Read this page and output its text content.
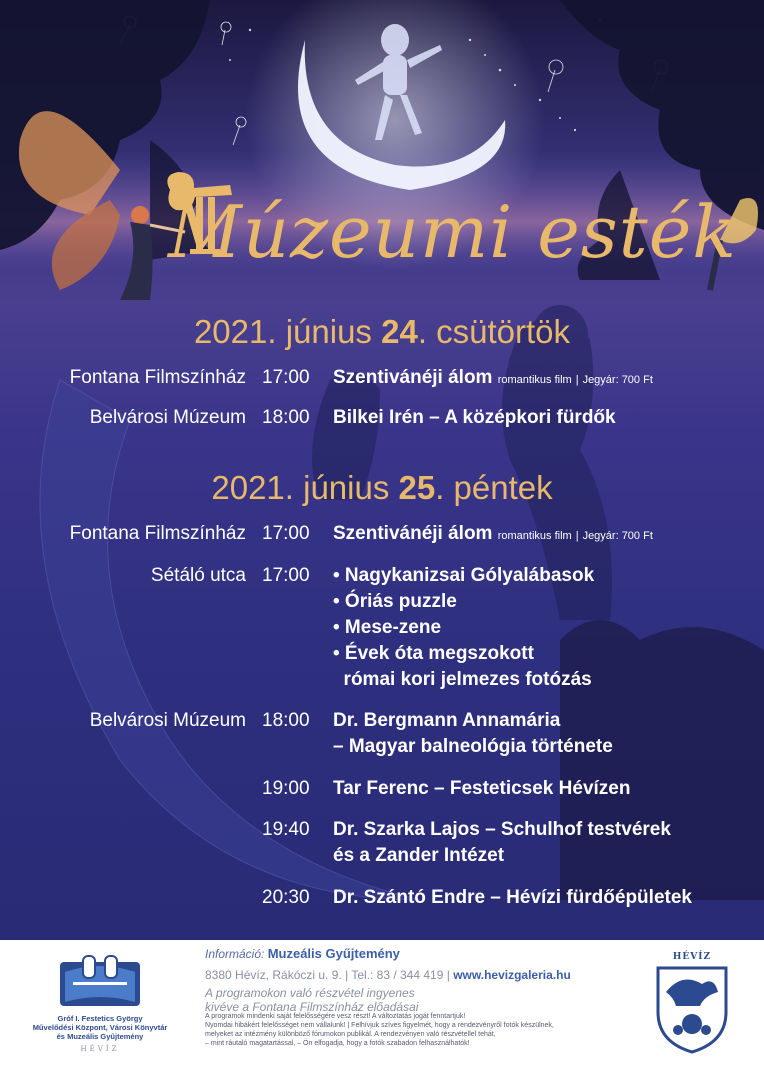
Múzeumi esték
2021. június 24. csütörtök
Fontana Filmszínház 17:00 Szentivánéji álom romantikus film | Jegyár: 700 Ft
Belvárosi Múzeum 18:00 Bilkei Irén – A középkori fürdők
2021. június 25. péntek
Fontana Filmszínház 17:00 Szentivánéji álom romantikus film | Jegyár: 700 Ft
Sétáló utca 17:00 • Nagykanizsai Gólyalábasok
• Óriás puzzle
• Mese-zene
• Évek óta megszokott
római kori jelmezes fotózás
Belvárosi Múzeum 18:00 Dr. Bergmann Annamária
– Magyar balneológia története
19:00 Tar Ferenc – Festeticsek Hévízen
19:40 Dr. Szarka Lajos – Schulhof testvérek
és a Zander Intézet
20:30 Dr. Szántó Endre – Hévízi fürdőépületek
Gróf I. Festetics György
Művelődési Központ, Városi Könyvtár
és Muzeális Gyűjtemény
HÉVÍZ
Információ: Muzeális Gyűjtemény
8380 Hévíz, Rákóczi u. 9. | Tel.: 83 / 344 419 | www.hevizgaleria.hu
A programokon való részvétel ingyenes
kivéve a Fontana Filmszínház előadásai
A programok mindenki saját felelősségére vesz részt! A változtatás jogát fenntartjuk!
Nyomdai hibákért felelősséget nem vállalunk! | Felhívjuk szíves figyelmét, hogy a rendezvényről fotók készülnek,
melyeket az intézmény különböző fórumokon publikál. A rendezvényen való részvétellel tehát,
– mint ráutaló magatartással, – Ön elfogadja, hogy a fotók szabadon felhasználhatók!
HÉVÍZ
